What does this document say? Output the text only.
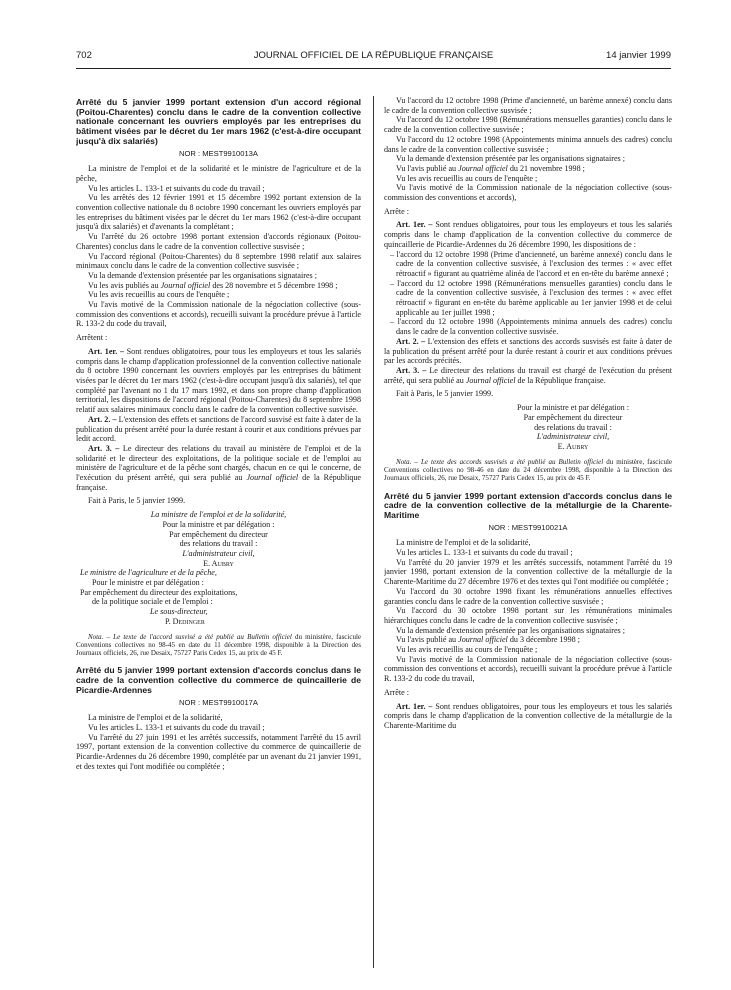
702	JOURNAL OFFICIEL DE LA RÉPUBLIQUE FRANÇAISE	14 janvier 1999
Arrêté du 5 janvier 1999 portant extension d'un accord régional (Poitou-Charentes) conclu dans le cadre de la convention collective nationale concernant les ouvriers employés par les entreprises du bâtiment visées par le décret du 1er mars 1962 (c'est-à-dire occupant jusqu'à dix salariés)
NOR : MEST9910013A

La ministre de l'emploi et de la solidarité et le ministre de l'agriculture et de la pêche,

Vu les articles L. 133-1 et suivants du code du travail ;

Vu les arrêtés des 12 février 1991 et 15 décembre 1992 portant extension de la convention collective nationale du 8 octobre 1990 concernant les ouvriers employés par les entreprises du bâtiment visées par le décret du 1er mars 1962 (c'est-à-dire occupant jusqu'à dix salariés) et d'avenants la complétant ;

Vu l'arrêté du 26 octobre 1998 portant extension d'accords régionaux (Poitou-Charentes) conclus dans le cadre de la convention collective susvisée ;

Vu l'accord régional (Poitou-Charentes) du 8 septembre 1998 relatif aux salaires minimaux conclu dans le cadre de la convention collective susvisée ;

Vu la demande d'extension présentée par les organisations signataires ;

Vu les avis publiés au Journal officiel des 28 novembre et 5 décembre 1998 ;

Vu les avis recueillis au cours de l'enquête ;

Vu l'avis motivé de la Commission nationale de la négociation collective (sous-commission des conventions et accords), recueilli suivant la procédure prévue à l'article R. 133-2 du code du travail,

Arrêtent :

Art. 1er. – Sont rendues obligatoires, pour tous les employeurs et tous les salariés compris dans le champ d'application professionnel de la convention collective nationale du 8 octobre 1990 concernant les ouvriers employés par les entreprises du bâtiment visées par le décret du 1er mars 1962 (c'est-à-dire occupant jusqu'à dix salariés), tel que complété par l'avenant no 1 du 17 mars 1992, et dans son propre champ d'application territorial, les dispositions de l'accord régional (Poitou-Charentes) du 8 septembre 1998 relatif aux salaires minimaux conclu dans le cadre de la convention collective susvisée.

Art. 2. – L'extension des effets et sanctions de l'accord susvisé est faite à dater de la publication du présent arrêté pour la durée restant à courir et aux conditions prévues par ledit accord.

Art. 3. – Le directeur des relations du travail au ministère de l'emploi et de la solidarité et le directeur des exploitations, de la politique sociale et de l'emploi au ministère de l'agriculture et de la pêche sont chargés, chacun en ce qui le concerne, de l'exécution du présent arrêté, qui sera publié au Journal officiel de la République française.

Fait à Paris, le 5 janvier 1999.

La ministre de l'emploi et de la solidarité,
Pour la ministre et par délégation :
Par empêchement du directeur
des relations du travail :
L'administrateur civil,
E. Aubry
Le ministre de l'agriculture et de la pêche,
Pour le ministre et par délégation :
Par empêchement du directeur des exploitations,
de la politique sociale et de l'emploi :
Le sous-directeur,
P. Dedinger
Nota. – Le texte de l'accord susvisé a été publié au Bulletin officiel du ministère, fascicule Conventions collectives no 98-45 en date du 11 décembre 1998, disponible à la Direction des Journaux officiels, 26, rue Desaix, 75727 Paris Cedex 15, au prix de 45 F.
Arrêté du 5 janvier 1999 portant extension d'accords conclus dans le cadre de la convention collective du commerce de quincaillerie de Picardie-Ardennes
NOR : MEST9910017A

La ministre de l'emploi et de la solidarité,

Vu les articles L. 133-1 et suivants du code du travail ;

Vu l'arrêté du 27 juin 1991 et les arrêtés successifs, notamment l'arrêté du 15 avril 1997, portant extension de la convention collective du commerce de quincaillerie de Picardie-Ardennes du 26 décembre 1990, complétée par un avenant du 21 janvier 1991, et des textes qui l'ont modifiée ou complétée ;

Vu l'accord du 12 octobre 1998 (Prime d'ancienneté, un barème annexé) conclu dans le cadre de la convention collective susvisée ;

Vu l'accord du 12 octobre 1998 (Rémunérations mensuelles garanties) conclu dans le cadre de la convention collective susvisée ;

Vu l'accord du 12 octobre 1998 (Appointements minima annuels des cadres) conclu dans le cadre de la convention collective susvisée ;

Vu la demande d'extension présentée par les organisations signataires ;

Vu l'avis publié au Journal officiel du 21 novembre 1998 ;

Vu les avis recueillis au cours de l'enquête ;

Vu l'avis motivé de la Commission nationale de la négociation collective (sous-commission des conventions et accords),

Arrête :

Art. 1er. – Sont rendues obligatoires, pour tous les employeurs et tous les salariés compris dans le champ d'application de la convention collective du commerce de quincaillerie de Picardie-Ardennes du 26 décembre 1990, les dispositions de :

– l'accord du 12 octobre 1998 (Prime d'ancienneté, un barème annexé) conclu dans le cadre de la convention collective susvisée, à l'exclusion des termes : « avec effet rétroactif » figurant au quatrième alinéa de l'accord et en en-tête du barème annexé ;

– l'accord du 12 octobre 1998 (Rémunérations mensuelles garanties) conclu dans le cadre de la convention collective susvisée, à l'exclusion des termes : « avec effet rétroactif » figurant en en-tête du barème applicable au 1er janvier 1998 et de celui applicable au 1er juillet 1998 ;

– l'accord du 12 octobre 1998 (Appointements minima annuels des cadres) conclu dans le cadre de la convention collective susvisée.

Art. 2. – L'extension des effets et sanctions des accords susvisés est faite à dater de la publication du présent arrêté pour la durée restant à courir et aux conditions prévues par les accords précités.

Art. 3. – Le directeur des relations du travail est chargé de l'exécution du présent arrêté, qui sera publié au Journal officiel de la République française.

Fait à Paris, le 5 janvier 1999.

Pour la ministre et par délégation :
Par empêchement du directeur
des relations du travail :
L'administrateur civil,
E. Aubry
Nota. – Le texte des accords susvisés a été publié au Bulletin officiel du ministère, fascicule Conventions collectives no 98-46 en date du 24 décembre 1998, disponible à la Direction des Journaux officiels, 26, rue Desaix, 75727 Paris Cedex 15, au prix de 45 F.
Arrêté du 5 janvier 1999 portant extension d'accords conclus dans le cadre de la convention collective de la métallurgie de la Charente-Maritime
NOR : MEST9910021A

La ministre de l'emploi et de la solidarité,

Vu les articles L. 133-1 et suivants du code du travail ;

Vu l'arrêté du 20 janvier 1979 et les arrêtés successifs, notamment l'arrêté du 19 janvier 1998, portant extension de la convention collective de la métallurgie de la Charente-Maritime du 27 décembre 1976 et des textes qui l'ont modifiée ou complétée ;

Vu l'accord du 30 octobre 1998 fixant les rémunérations annuelles effectives garanties conclu dans le cadre de la convention collective susvisée ;

Vu l'accord du 30 octobre 1998 portant sur les rémunérations minimales hiérarchiques conclu dans le cadre de la convention collective susvisée ;

Vu la demande d'extension présentée par les organisations signataires ;

Vu l'avis publié au Journal officiel du 3 décembre 1998 ;

Vu les avis recueillis au cours de l'enquête ;

Vu l'avis motivé de la Commission nationale de la négociation collective (sous-commission des conventions et accords), recueilli suivant la procédure prévue à l'article R. 133-2 du code du travail,

Arrête :

Art. 1er. – Sont rendues obligatoires, pour tous les employeurs et tous les salariés compris dans le champ d'application de la convention collective de la métallurgie de la Charente-Maritime du
